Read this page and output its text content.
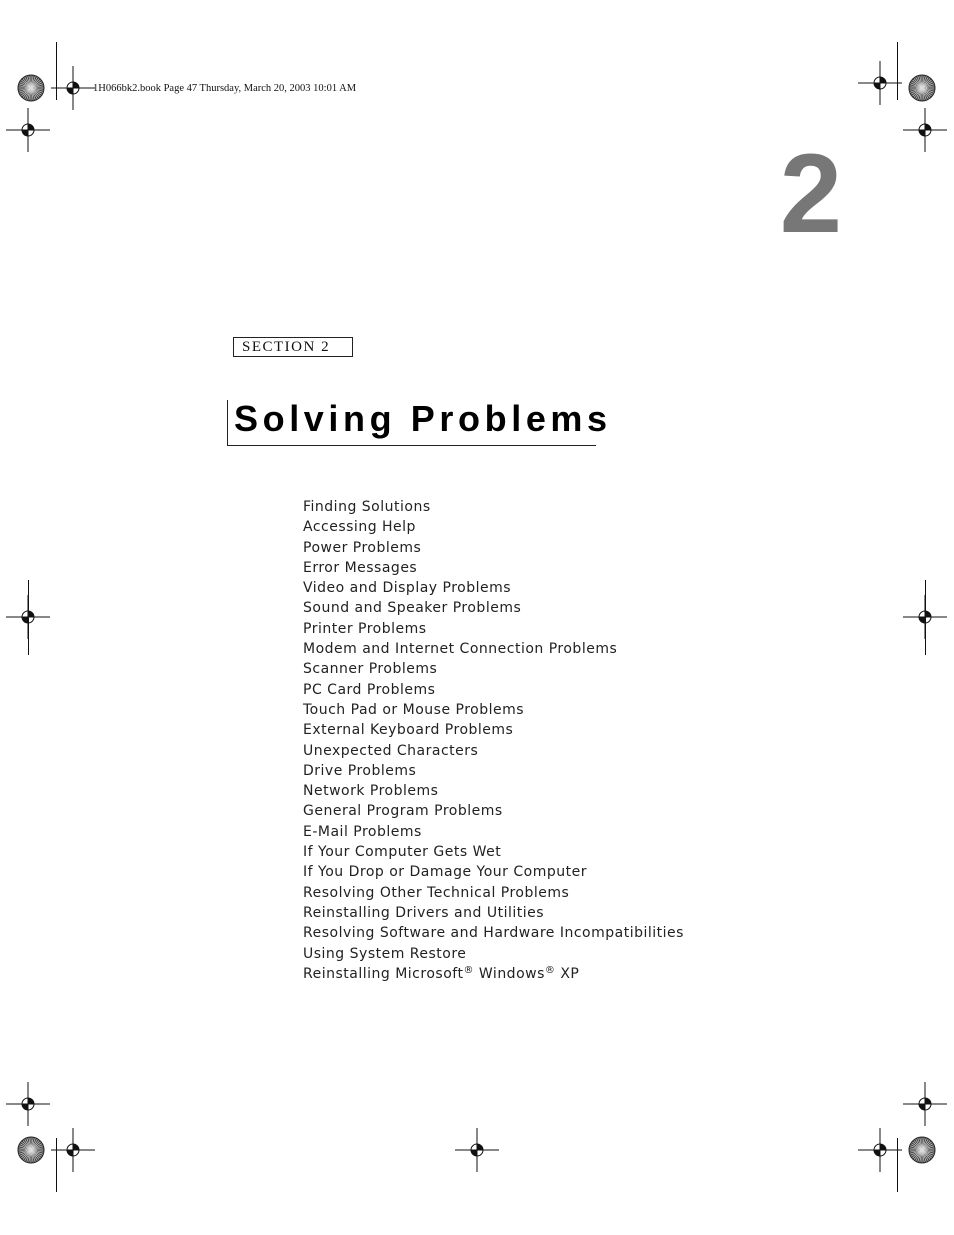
1H066bk2.book Page 47 Thursday, March 20, 2003 10:01 AM
2
SECTION 2
Solving Problems
Finding Solutions
Accessing Help
Power Problems
Error Messages
Video and Display Problems
Sound and Speaker Problems
Printer Problems
Modem and Internet Connection Problems
Scanner Problems
PC Card Problems
Touch Pad or Mouse Problems
External Keyboard Problems
Unexpected Characters
Drive Problems
Network Problems
General Program Problems
E-Mail Problems
If Your Computer Gets Wet
If You Drop or Damage Your Computer
Resolving Other Technical Problems
Reinstalling Drivers and Utilities
Resolving Software and Hardware Incompatibilities
Using System Restore
Reinstalling Microsoft® Windows® XP
